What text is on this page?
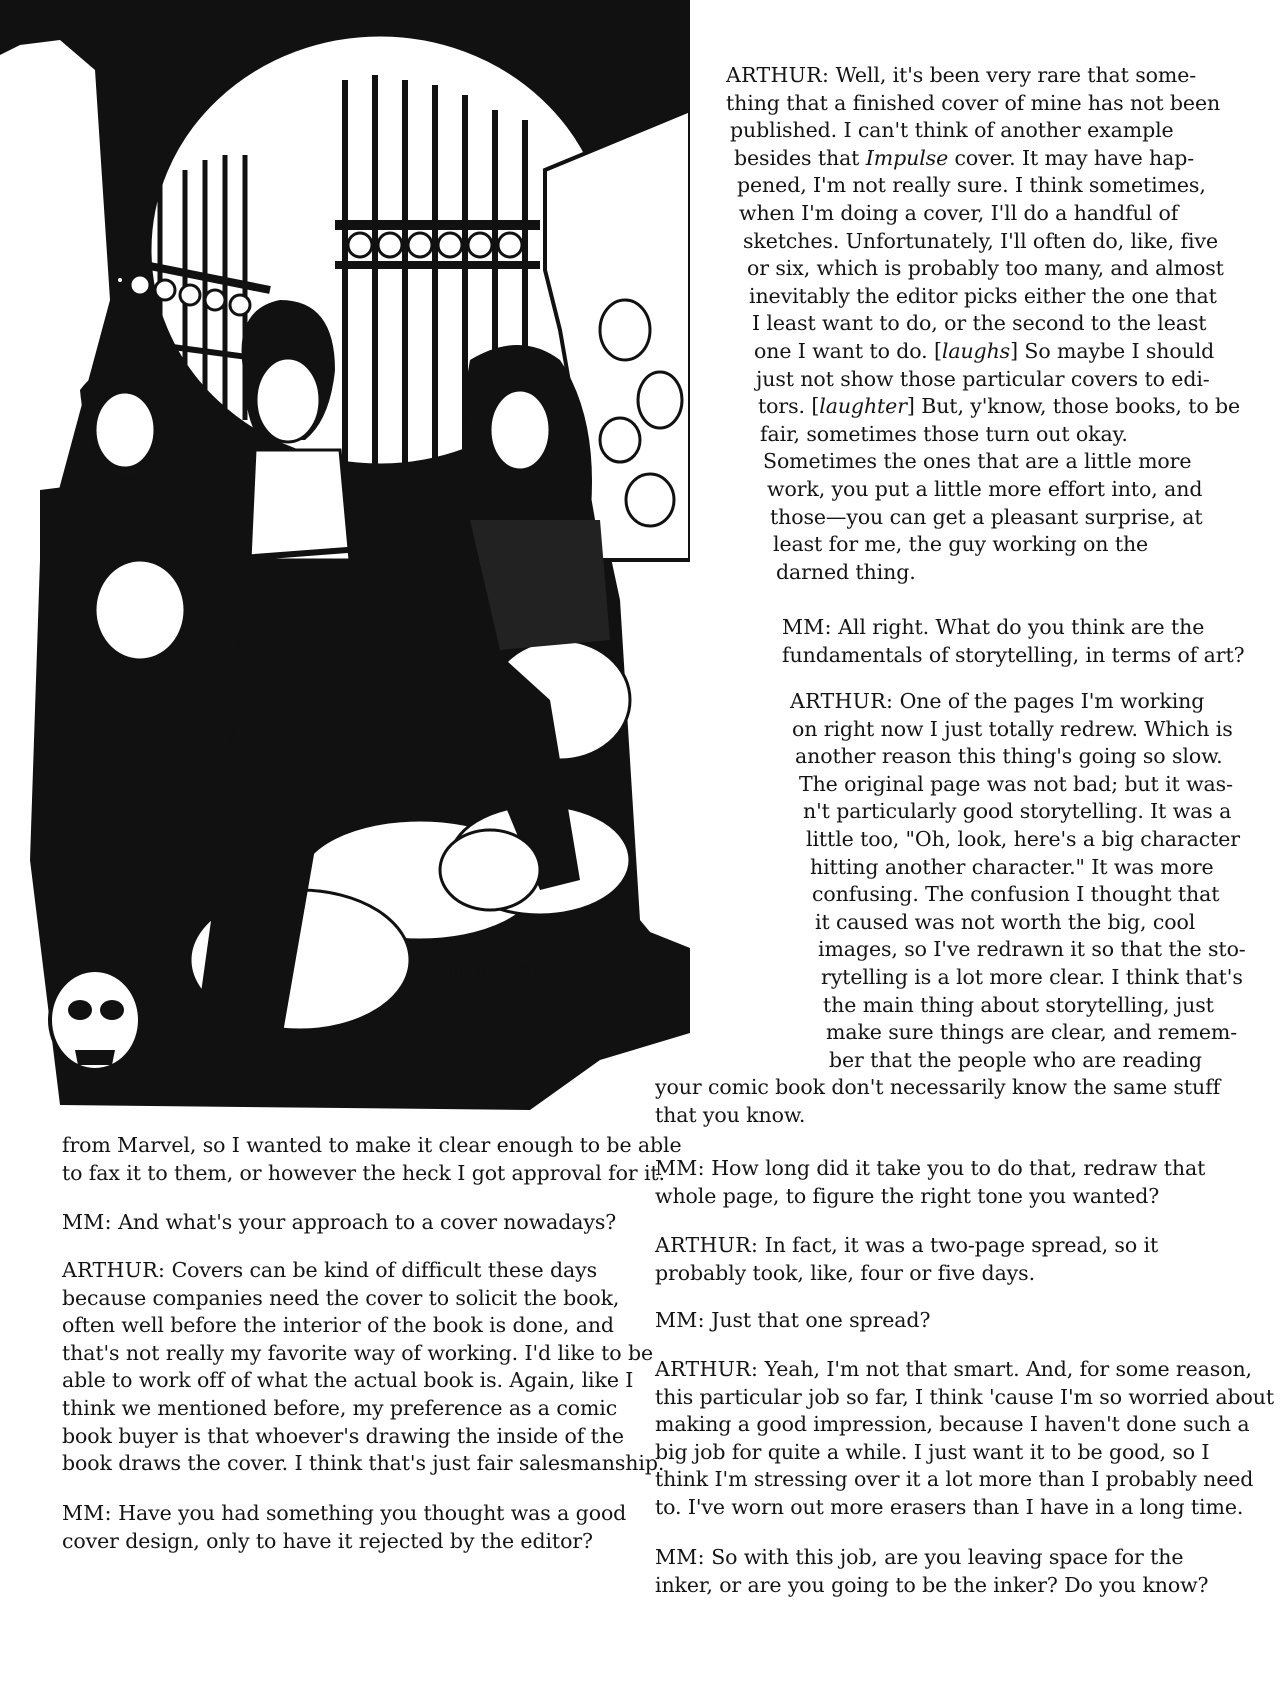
ARTHUR ADAMS 5-98

ARTHUR: Well, it's been very rare that some-
thing that a finished cover of mine has not been
published. I can't think of another example
besides that Impulse cover. It may have hap-
pened, I'm not really sure. I think sometimes,
when I'm doing a cover, I'll do a handful of
sketches. Unfortunately, I'll often do, like, five
or six, which is probably too many, and almost
inevitably the editor picks either the one that
I least want to do, or the second to the least
one I want to do. [laughs] So maybe I should
just not show those particular covers to edi-
tors. [laughter] But, y'know, those books, to be
fair, sometimes those turn out okay.
Sometimes the ones that are a little more
work, you put a little more effort into, and
those—you can get a pleasant surprise, at
least for me, the guy working on the
darned thing.

MM: All right. What do you think are the
fundamentals of storytelling, in terms of art?

ARTHUR: One of the pages I'm working
on right now I just totally redrew. Which is
another reason this thing's going so slow.
The original page was not bad; but it was-
n't particularly good storytelling. It was a
little too, "Oh, look, here's a big character
hitting another character." It was more
confusing. The confusion I thought that
it caused was not worth the big, cool
images, so I've redrawn it so that the sto-
rytelling is a lot more clear. I think that's
the main thing about storytelling, just
make sure things are clear, and remem-
ber that the people who are reading
your comic book don't necessarily know the same stuff
that you know.

MM: How long did it take you to do that, redraw that
whole page, to figure the right tone you wanted?

ARTHUR: In fact, it was a two-page spread, so it
probably took, like, four or five days.

MM: Just that one spread?

ARTHUR: Yeah, I'm not that smart. And, for some reason,
this particular job so far, I think 'cause I'm so worried about
making a good impression, because I haven't done such a
big job for quite a while. I just want it to be good, so I
think I'm stressing over it a lot more than I probably need
to. I've worn out more erasers than I have in a long time.

MM: So with this job, are you leaving space for the
inker, or are you going to be the inker? Do you know?

from Marvel, so I wanted to make it clear enough to be able
to fax it to them, or however the heck I got approval for it.

MM: And what's your approach to a cover nowadays?

ARTHUR: Covers can be kind of difficult these days
because companies need the cover to solicit the book,
often well before the interior of the book is done, and
that's not really my favorite way of working. I'd like to be
able to work off of what the actual book is. Again, like I
think we mentioned before, my preference as a comic
book buyer is that whoever's drawing the inside of the
book draws the cover. I think that's just fair salesmanship.

MM: Have you had something you thought was a good
cover design, only to have it rejected by the editor?
